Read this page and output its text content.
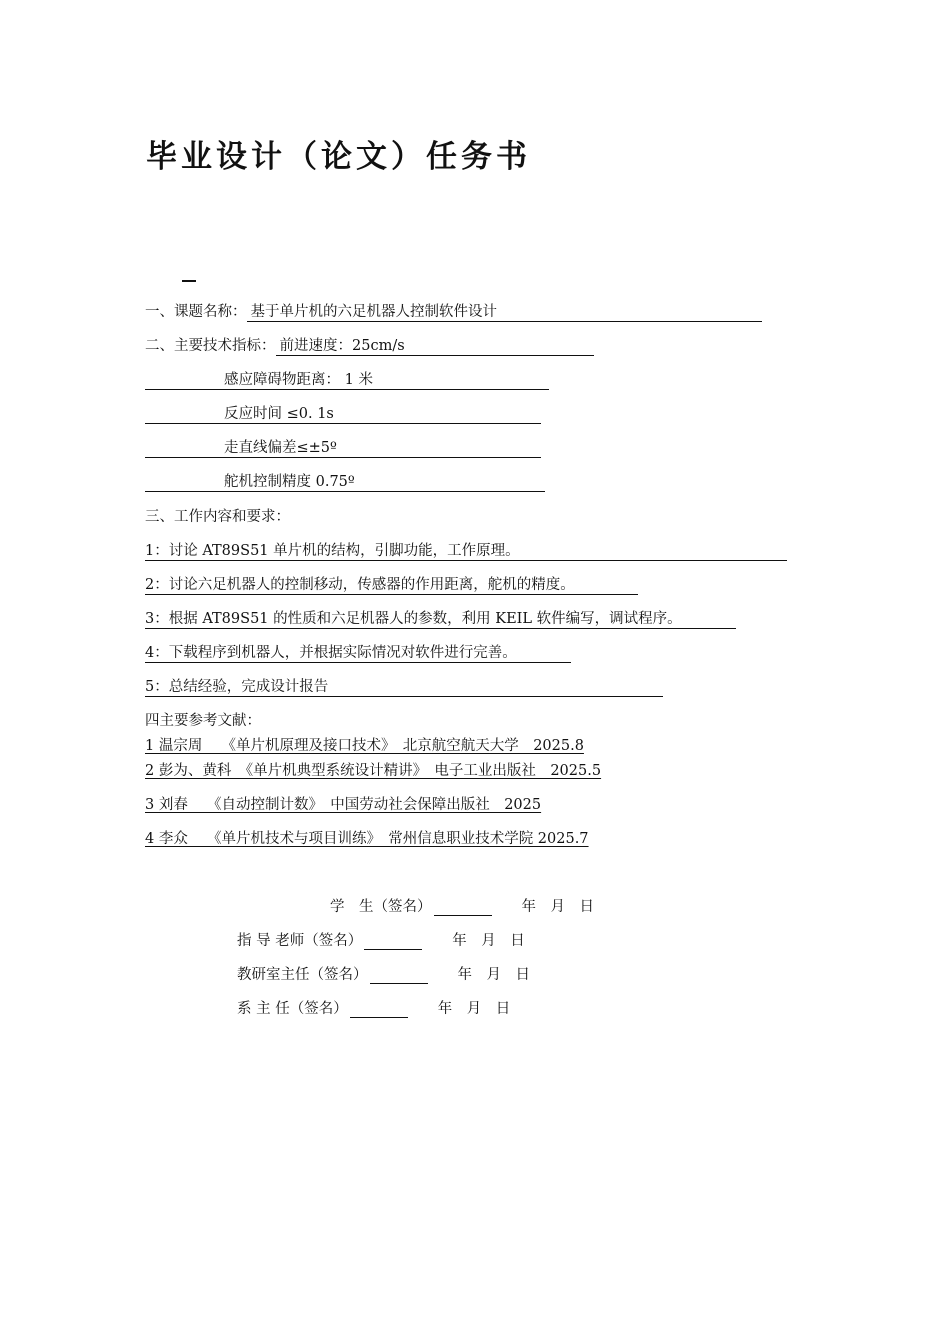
毕业设计（论文）任务书
一、课题名称： 基于单片机的六足机器人控制软件设计
二、主要技术指标： 前进速度：25cm/s
感应障碍物距离： 1 米
反应时间 ≤0. 1s
走直线偏差≤±5º
舵机控制精度 0.75º
三、工作内容和要求：
1：讨论 AT89S51 单片机的结构，引脚功能，工作原理。
2：讨论六足机器人的控制移动，传感器的作用距离，舵机的精度。
3：根据 AT89S51 的性质和六足机器人的参数，利用 KEIL 软件编写，调试程序。
4：下载程序到机器人，并根据实际情况对软件进行完善。
5：总结经验，完成设计报告
四主要参考文献：
1 温宗周　 《单片机原理及接口技术》　北京航空航天大学　2025.8
2 彭为、黄科　《单片机典型系统设计精讲》　电子工业出版社　2025.5
3 刘春　 《自动控制计数》　中国劳动社会保障出版社　2025
4 李众　 《单片机技术与项目训练》　常州信息职业技术学院 2025.7
学　生（签名）	年　月　日
指 导 老师（签名）	年　月　日
教研室主任（签名）	年　月　日
系 主 任（签名）	年　月　日
